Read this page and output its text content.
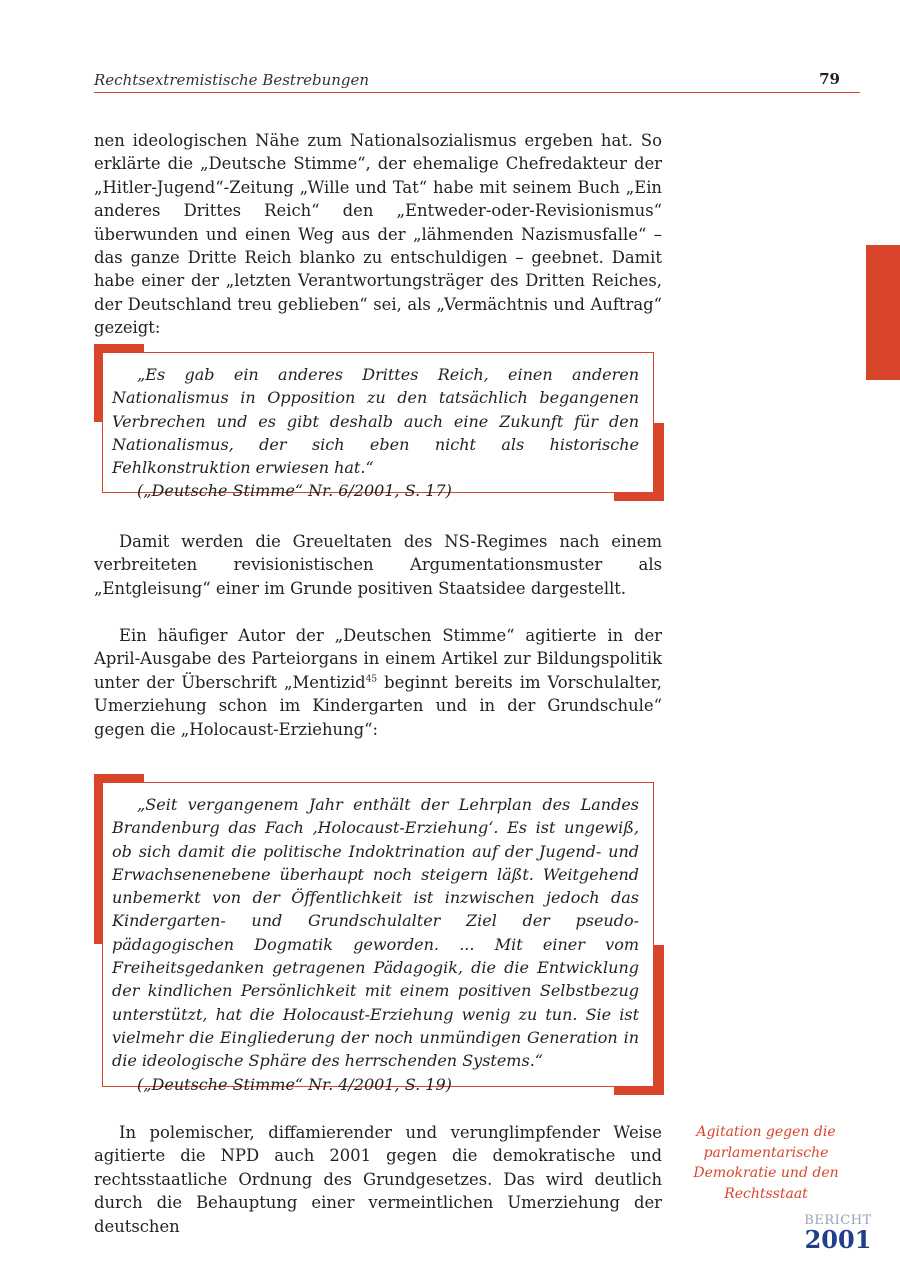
Rechtsextremistische Bestrebungen	79

nen ideologischen Nähe zum Nationalsozialismus ergeben hat. So erklärte die „Deutsche Stimme“, der ehemalige Chefredakteur der „Hitler-Jugend“-Zeitung „Wille und Tat“ habe mit seinem Buch „Ein anderes Drittes Reich“ den „Entweder-oder-Revisionismus“ überwunden und einen Weg aus der „lähmenden Nazismusfalle“ – das ganze Dritte Reich blanko zu entschuldigen – geebnet. Damit habe einer der „letzten Verantwortungsträger des Dritten Reiches, der Deutschland treu geblieben“ sei, als „Vermächtnis und Auftrag“ gezeigt:

„Es gab ein anderes Drittes Reich, einen anderen Nationalismus in Opposition zu den tatsächlich begangenen Verbrechen und es gibt deshalb auch eine Zukunft für den Nationalismus, der sich eben nicht als historische Fehlkonstruktion erwiesen hat.“

(„Deutsche Stimme“ Nr. 6/2001, S. 17)

Damit werden die Greueltaten des NS-Regimes nach einem verbreiteten revisionistischen Argumentationsmuster als „Entgleisung“ einer im Grunde positiven Staatsidee dargestellt.

Ein häufiger Autor der „Deutschen Stimme“ agitierte in der April-Ausgabe des Parteiorgans in einem Artikel zur Bildungspolitik unter der Überschrift „Mentizid$^{45}$ beginnt bereits im Vorschulalter, Umerziehung schon im Kindergarten und in der Grundschule“ gegen die „Holocaust-Erziehung“:

„Seit vergangenem Jahr enthält der Lehrplan des Landes Brandenburg das Fach ‚Holocaust-Erziehung‘. Es ist ungewiß, ob sich damit die politische Indoktrination auf der Jugend- und Erwachsenenebene überhaupt noch steigern läßt. Weitgehend unbemerkt von der Öffentlichkeit ist inzwischen jedoch das Kindergarten- und Grundschulalter Ziel der pseudo-pädagogischen Dogmatik geworden. ... Mit einer vom Freiheitsgedanken getragenen Pädagogik, die die Entwicklung der kindlichen Persönlichkeit mit einem positiven Selbstbezug unterstützt, hat die Holocaust-Erziehung wenig zu tun. Sie ist vielmehr die Eingliederung der noch unmündigen Generation in die ideologische Sphäre des herrschenden Systems.“

(„Deutsche Stimme“ Nr. 4/2001, S. 19)

In polemischer, diffamierender und verunglimpfender Weise agitierte die NPD auch 2001 gegen die demokratische und rechtsstaatliche Ordnung des Grundgesetzes. Das wird deutlich durch die Behauptung einer vermeintlichen Umerziehung der deutschen

Agitation gegen die parlamentarische Demokratie und den Rechtsstaat
BERICHT
2001
